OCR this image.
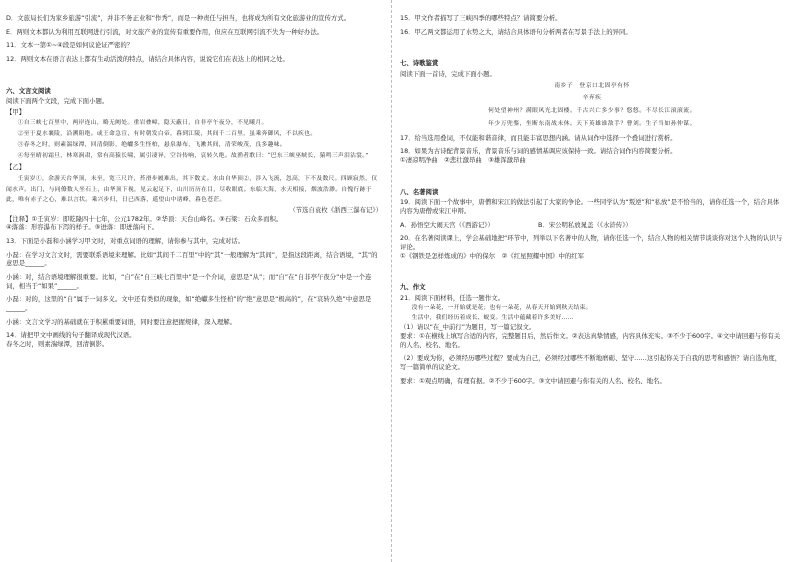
D．文旅局长们为家乡旅游“引流”，并非不务正业和“作秀”，而是一种责任与担当，也将成为所有文化旅游业的宣传方式。

E．两则文本都认为利用互联网进行引流，对文旅产业的宣传有重要作用，但应在互联网引流不失为一种好办法。

11．文本一第①~④段是如何议论证严密的？

12．两则文本在语言表达上都有生动活泼的特点，请结合具体内容，说说它们在表达上的相同之处。

六、文言文阅读

阅读下面两个文段，完成下面小题。

【甲】

①自三峡七百里中，两岸连山，略无阙处。重岩叠嶂，隐天蔽日，自非亭午夜分，不见曦月。

②至于夏水襄陵，沿溯阻绝。或王命急宣，有时朝发白帝，暮到江陵，其间千二百里，虽乘奔御风，不以疾也。

③春冬之时，则素湍绿潭，回清倒影，绝巘多生怪柏，悬泉瀑布，飞漱其间，清荣峻茂，良多趣味。

④每至晴初霜旦，林寒涧肃，常有高猿长啸，属引凄异，空谷传响，哀转久绝。故渔者歌曰：“巴东三峡巫峡长，猿鸣三声泪沾裳。”

【乙】

壬寅岁①，余游天台华顶，未至，宽三尺许，苔滑步履难出，其下数丈。水由自华顶②，涉入飞流，忽高，下不及数尺。四顾寂然，仅闻水声。出门，与同僚数人坐石上，由华顶下视，见云起足下，山川历历在目，尽收眼底。东临大海，水天相接，烟波浩渺。自愧行跡于此，唯有赤子之心，难以言状。乘兴步归，日已西落，遥望山中诸峰，暮色苍茫。

（节选自袁枚《浙西三瀑布记》）

【注释】①壬寅岁：即乾隆四十七年，公元1782年。②华顶：天台山峰名。③石梁：石众多而积。

④落落：形容瀑布下泻的样子。⑤迸落：即迸落向下。

13．下面是小磊和小涵学习甲文时，对重点词语的理解，请你参与其中，完成对话。

小磊：在学习文言文时，需要联系语境来理解。比如“其间千二百里”中的“其”一般理解为“其间”，是指这段距离，结合语境，“其”的意思是______。

小涵：对，结合语境理解很重要。比如，“自”在“自三峡七百里中”是一个介词，意思是“从”；而“自”在“自非亭午夜分”中是一个连词，相当于“如果”______。

小磊：对的，这里的“自”属于一词多义。文中还有类似的现象，如“绝巘多生怪柏”的“绝”意思是“极高的”，在“哀转久绝”中意思是______。

小涵：文言文学习的基础就在于积累重要词语，同时要注意把握规律，深入理解。

14．请把甲文中画线的句子翻译成现代汉语。

春冬之时，则素湍绿潭，回清倒影。

15．甲文作者描写了三峡四季的哪些特点？请简要分析。

16．甲乙两文都运用了水势之大，请结合具体语句分析两者在写景手法上的异同。

七、诗歌鉴赏

阅读下面一首诗，完成下面小题。

南乡子　登京口北固亭有怀

辛弃疾

何处望神州？满眼风光北固楼。千古兴亡多少事？悠悠。不尽长江滚滚流。

年少万兜鍪，坐断东南战未休。天下英雄谁敌手？曹刘。生子当如孙仲谋。

17．给当选用叠词，不仅能和谐音律，而且能丰富思想内涵。请从词作中选择一个叠词进行赏析。

18．如果为古诗配背景音乐，背景音乐与词的感情基调应该保持一致。请结合词作内容简要分析。

①凄凉明净曲　②悲壮激昂曲　③雄浑激昂曲

八、名著阅读

19．阅读下面一个故事中，唐僧和宋江的做法引起了大家的争论。一些同学认为“叛逆”和“私放”是不恰当的，请你任选一个，结合具体内容为唐僧或宋江申辩。

A．孙悟空大闹天宫（《西游记》）	B．宋公明私放晁盖（《水浒传》）

20．在名著阅读课上，学会基础地把“环节中，列举以下名著中的人物，请你任选一个，结合人物的相关情节谈谈你对这个人物的认识与评论。

①《钢铁是怎样炼成的》中的保尔　②《红星照耀中国》中的红军

九、作文

21．阅读下面材料，任选一题作文。

没有一朵花，一开始就是花；也有一朵花，从春天开始到秋天结束。

生活中，我们经历着成长、蜕变。生活中蕴藏着许多美好……

（1）请以“在_中前行”为题目，写一篇记叙文。

要求：①在横线上填写合适的内容，完整题目后，然后作文。②表达真挚情感，内容具体充实。③不少于600字。④文中请回避与你有关的人名、校名、地名。

（2）要成为你，必须经历哪些过程？要成为自己，必须经过哪些不断地磨砺、坚守……这引起你关于自我的思考和感悟？请自选角度，写一篇简单的议论文。

要求：①观点明确，有理有据。②不少于600字。③文中请回避与你有关的人名、校名、地名。
